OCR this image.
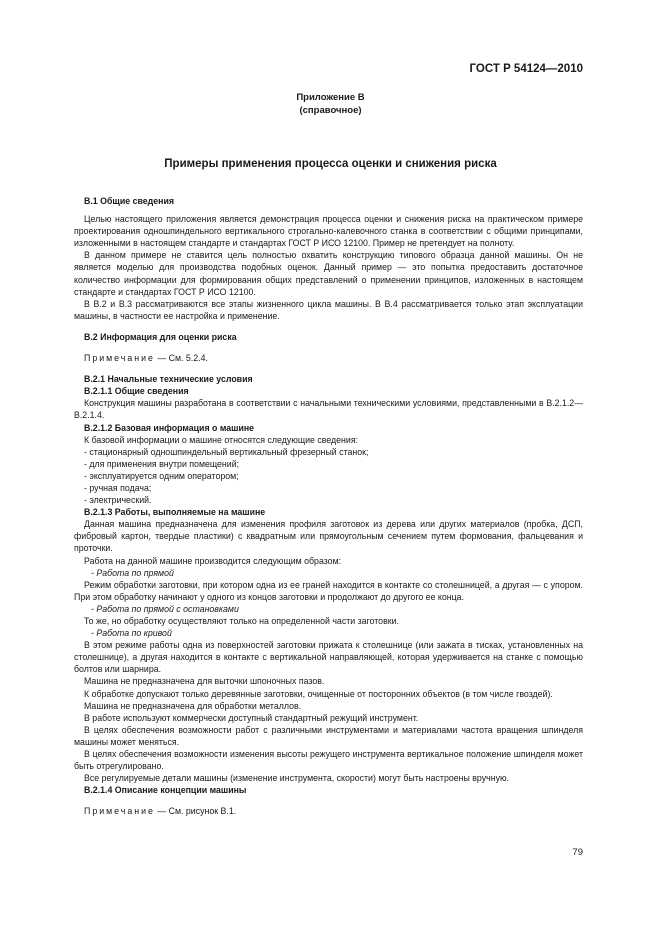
ГОСТ Р 54124—2010

Приложение В

(справочное)

Примеры применения процесса оценки и снижения риска

В.1 Общие сведения

Целью настоящего приложения является демонстрация процесса оценки и снижения риска на практическом примере проектирования одношпиндельного вертикального строгально-калевочного станка в соответствии с общими принципами, изложенными в настоящем стандарте и стандартах ГОСТ Р ИСО 12100. Пример не претендует на полноту.

В данном примере не ставится цель полностью охватить конструкцию типового образца данной машины. Он не является моделью для производства подобных оценок. Данный пример — это попытка предоставить достаточное количество информации для формирования общих представлений о применении принципов, изложенных в настоящем стандарте и стандартах ГОСТ Р ИСО 12100.

В В.2 и В.3 рассматриваются все этапы жизненного цикла машины. В В.4 рассматривается только этап эксплуатации машины, в частности ее настройка и применение.

В.2 Информация для оценки риска

Примечание — См. 5.2.4.

В.2.1 Начальные технические условия

В.2.1.1 Общие сведения

Конструкция машины разработана в соответствии с начальными техническими условиями, представленными в В.2.1.2—В.2.1.4.

В.2.1.2 Базовая информация о машине

К базовой информации о машине относятся следующие сведения:

- стационарный одношпиндельный вертикальный фрезерный станок;

- для применения внутри помещений;

- эксплуатируется одним оператором;

- ручная подача;

- электрический.

В.2.1.3 Работы, выполняемые на машине

Данная машина предназначена для изменения профиля заготовок из дерева или других материалов (пробка, ДСП, фибровый картон, твердые пластики) с квадратным или прямоугольным сечением путем формования, фальцевания и проточки.

Работа на данной машине производится следующим образом:

- Работа по прямой

Режим обработки заготовки, при котором одна из ее граней находится в контакте со столешницей, а другая — с упором. При этом обработку начинают у одного из концов заготовки и продолжают до другого ее конца.

- Работа по прямой с остановками

То же, но обработку осуществляют только на определенной части заготовки.

- Работа по кривой

В этом режиме работы одна из поверхностей заготовки прижата к столешнице (или зажата в тисках, установленных на столешнице), а другая находится в контакте с вертикальной направляющей, которая удерживается на станке с помощью болтов или шарнира.

Машина не предназначена для выточки шпоночных пазов.

К обработке допускают только деревянные заготовки, очищенные от посторонних объектов (в том числе гвоздей).

Машина не предназначена для обработки металлов.

В работе используют коммерчески доступный стандартный режущий инструмент.

В целях обеспечения возможности работ с различными инструментами и материалами частота вращения шпинделя машины может меняться.

В целях обеспечения возможности изменения высоты режущего инструмента вертикальное положение шпинделя может быть отрегулировано.

Все регулируемые детали машины (изменение инструмента, скорости) могут быть настроены вручную.

В.2.1.4 Описание концепции машины

Примечание — См. рисунок В.1.

79
